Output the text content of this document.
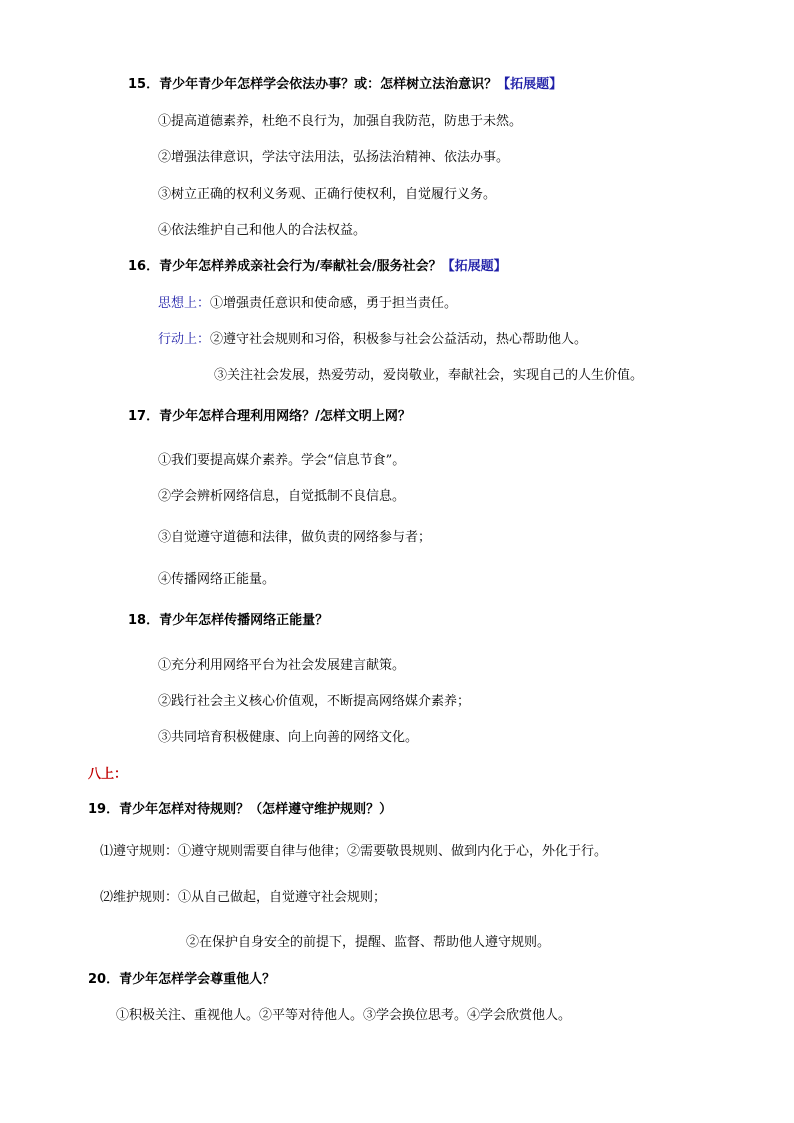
15．青少年青少年怎样学会依法办事？或：怎样树立法治意识？【拓展题】
①提高道德素养，杜绝不良行为，加强自我防范，防患于未然。
②增强法律意识，学法守法用法，弘扬法治精神、依法办事。
③树立正确的权利义务观、正确行使权利，自觉履行义务。
④依法维护自己和他人的合法权益。
16．青少年怎样养成亲社会行为/奉献社会/服务社会？【拓展题】
思想上：①增强责任意识和使命感，勇于担当责任。
行动上：②遵守社会规则和习俗，积极参与社会公益活动，热心帮助他人。
③关注社会发展，热爱劳动，爱岗敬业，奉献社会，实现自己的人生价值。
17．青少年怎样合理利用网络？/怎样文明上网？
①我们要提高媒介素养。学会“信息节食”。
②学会辨析网络信息，自觉抵制不良信息。
③自觉遵守道德和法律，做负责的网络参与者；
④传播网络正能量。
18．青少年怎样传播网络正能量？
①充分利用网络平台为社会发展建言献策。
②践行社会主义核心价值观，不断提高网络媒介素养；
③共同培育积极健康、向上向善的网络文化。
八上：
19．青少年怎样对待规则？（怎样遵守维护规则？）
⑴遵守规则：①遵守规则需要自律与他律；②需要敬畏规则、做到内化于心，外化于行。
⑵维护规则：①从自己做起，自觉遵守社会规则；
②在保护自身安全的前提下，提醒、监督、帮助他人遵守规则。
20．青少年怎样学会尊重他人？
①积极关注、重视他人。②平等对待他人。③学会换位思考。④学会欣赏他人。
